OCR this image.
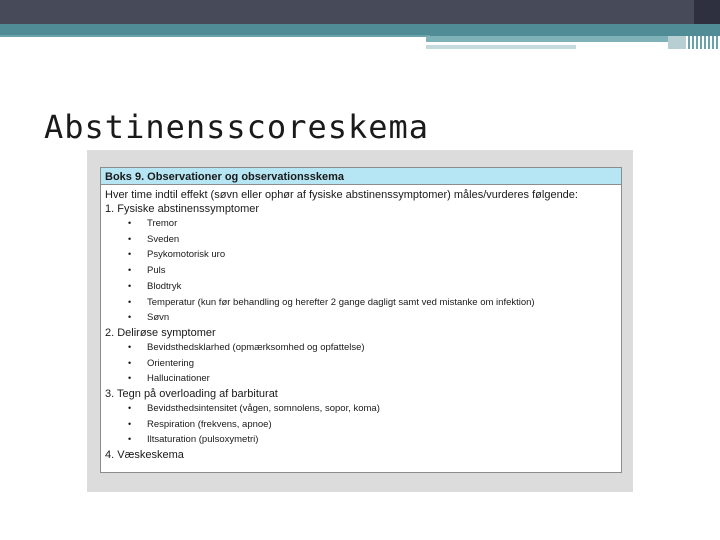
Abstinensscoreskema
Boks 9. Observationer og observationsskema
Hver time indtil effekt (søvn eller ophør af fysiske abstinenssymptomer) måles/vurderes følgende:
1. Fysiske abstinenssymptomer
• Tremor
• Sveden
• Psykomotorisk uro
• Puls
• Blodtryk
• Temperatur (kun før behandling og herefter 2 gange dagligt samt ved mistanke om infektion)
• Søvn
2. Delirøse symptomer
• Bevidsthedsklarhed (opmærksomhed og opfattelse)
• Orientering
• Hallucinationer
3. Tegn på overloading af barbiturat
• Bevidsthedsintensitet (vågen, somnolens, sopor, koma)
• Respiration (frekvens, apnoe)
• Iltsaturation (pulsoxymetri)
4. Væskeskema
